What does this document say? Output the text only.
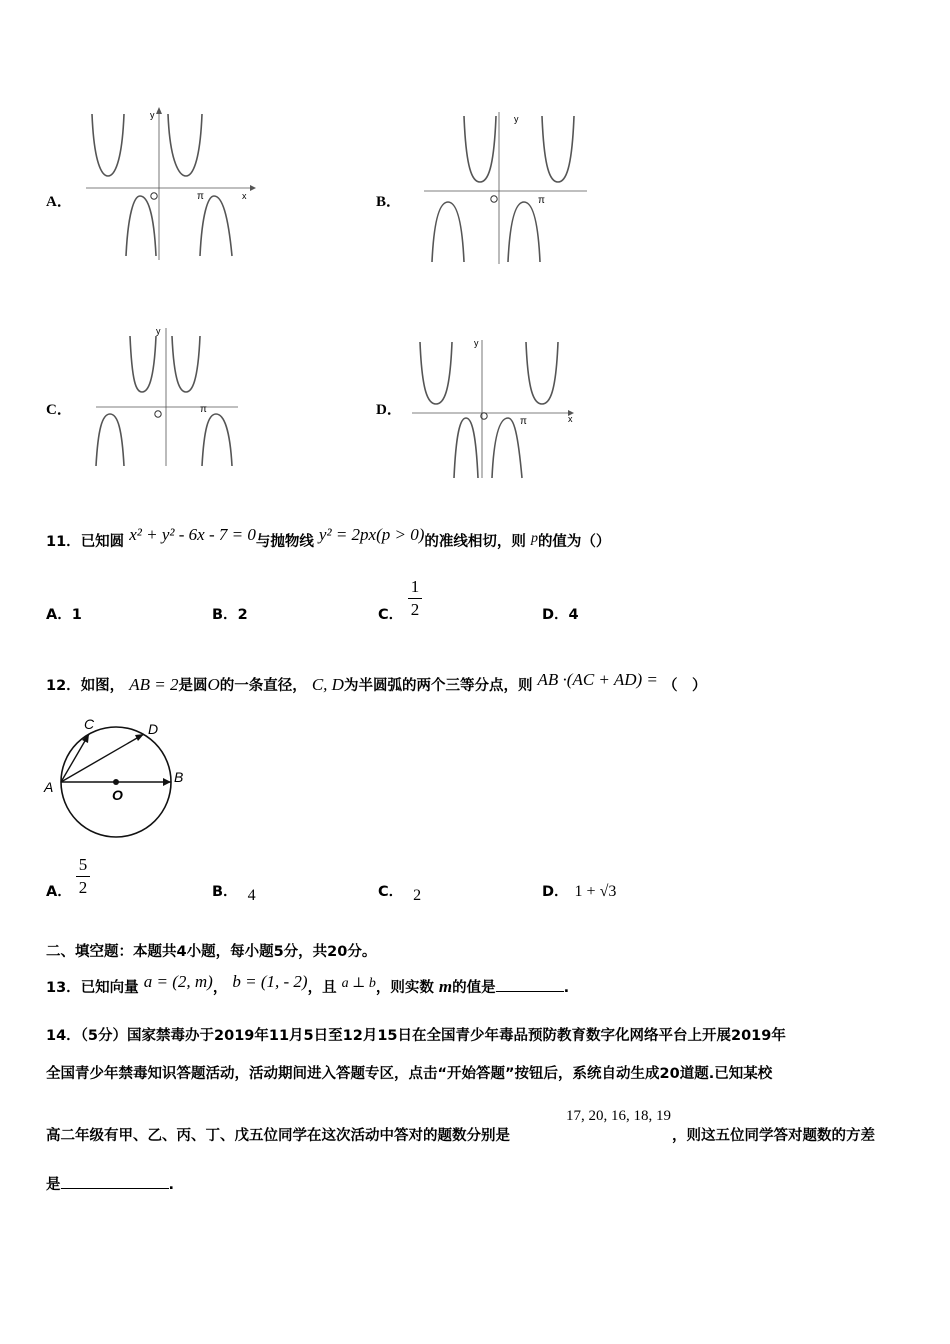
A．
y
π	x	B．
y
π
C．
y
π	D．
y
π	x
11．已知圆 x² + y² - 6x - 7 = 0与抛物线 y² = 2px(p > 0)的准线相切，则 p的值为（）
A．1	B．2	C．
1
2	D．4
12．如图， AB = 2是圆O的一条直径， C, D为半圆弧的两个三等分点，则 AB ·(AC + AD) = （　）
C	D
A
B
O
A．
5
2	B． 4	C． 2	D． 1 + √3
二、填空题：本题共4小题，每小题5分，共20分。
13．已知向量 a = (2, m)， b = (1, - 2)，且 a ⊥ b，则实数 m的值是	.
14．（5分）国家禁毒办于2019年11月5日至12月15日在全国青少年毒品预防教育数字化网络平台上开展2019年
全国青少年禁毒知识答题活动，活动期间进入答题专区，点击“开始答题”按钮后，系统自动生成20道题.已知某校
高二年级有甲、乙、丙、丁、戊五位同学在这次活动中答对的题数分别是
17, 20, 16, 18, 19
，则这五位同学答对题数的方差
是	.
